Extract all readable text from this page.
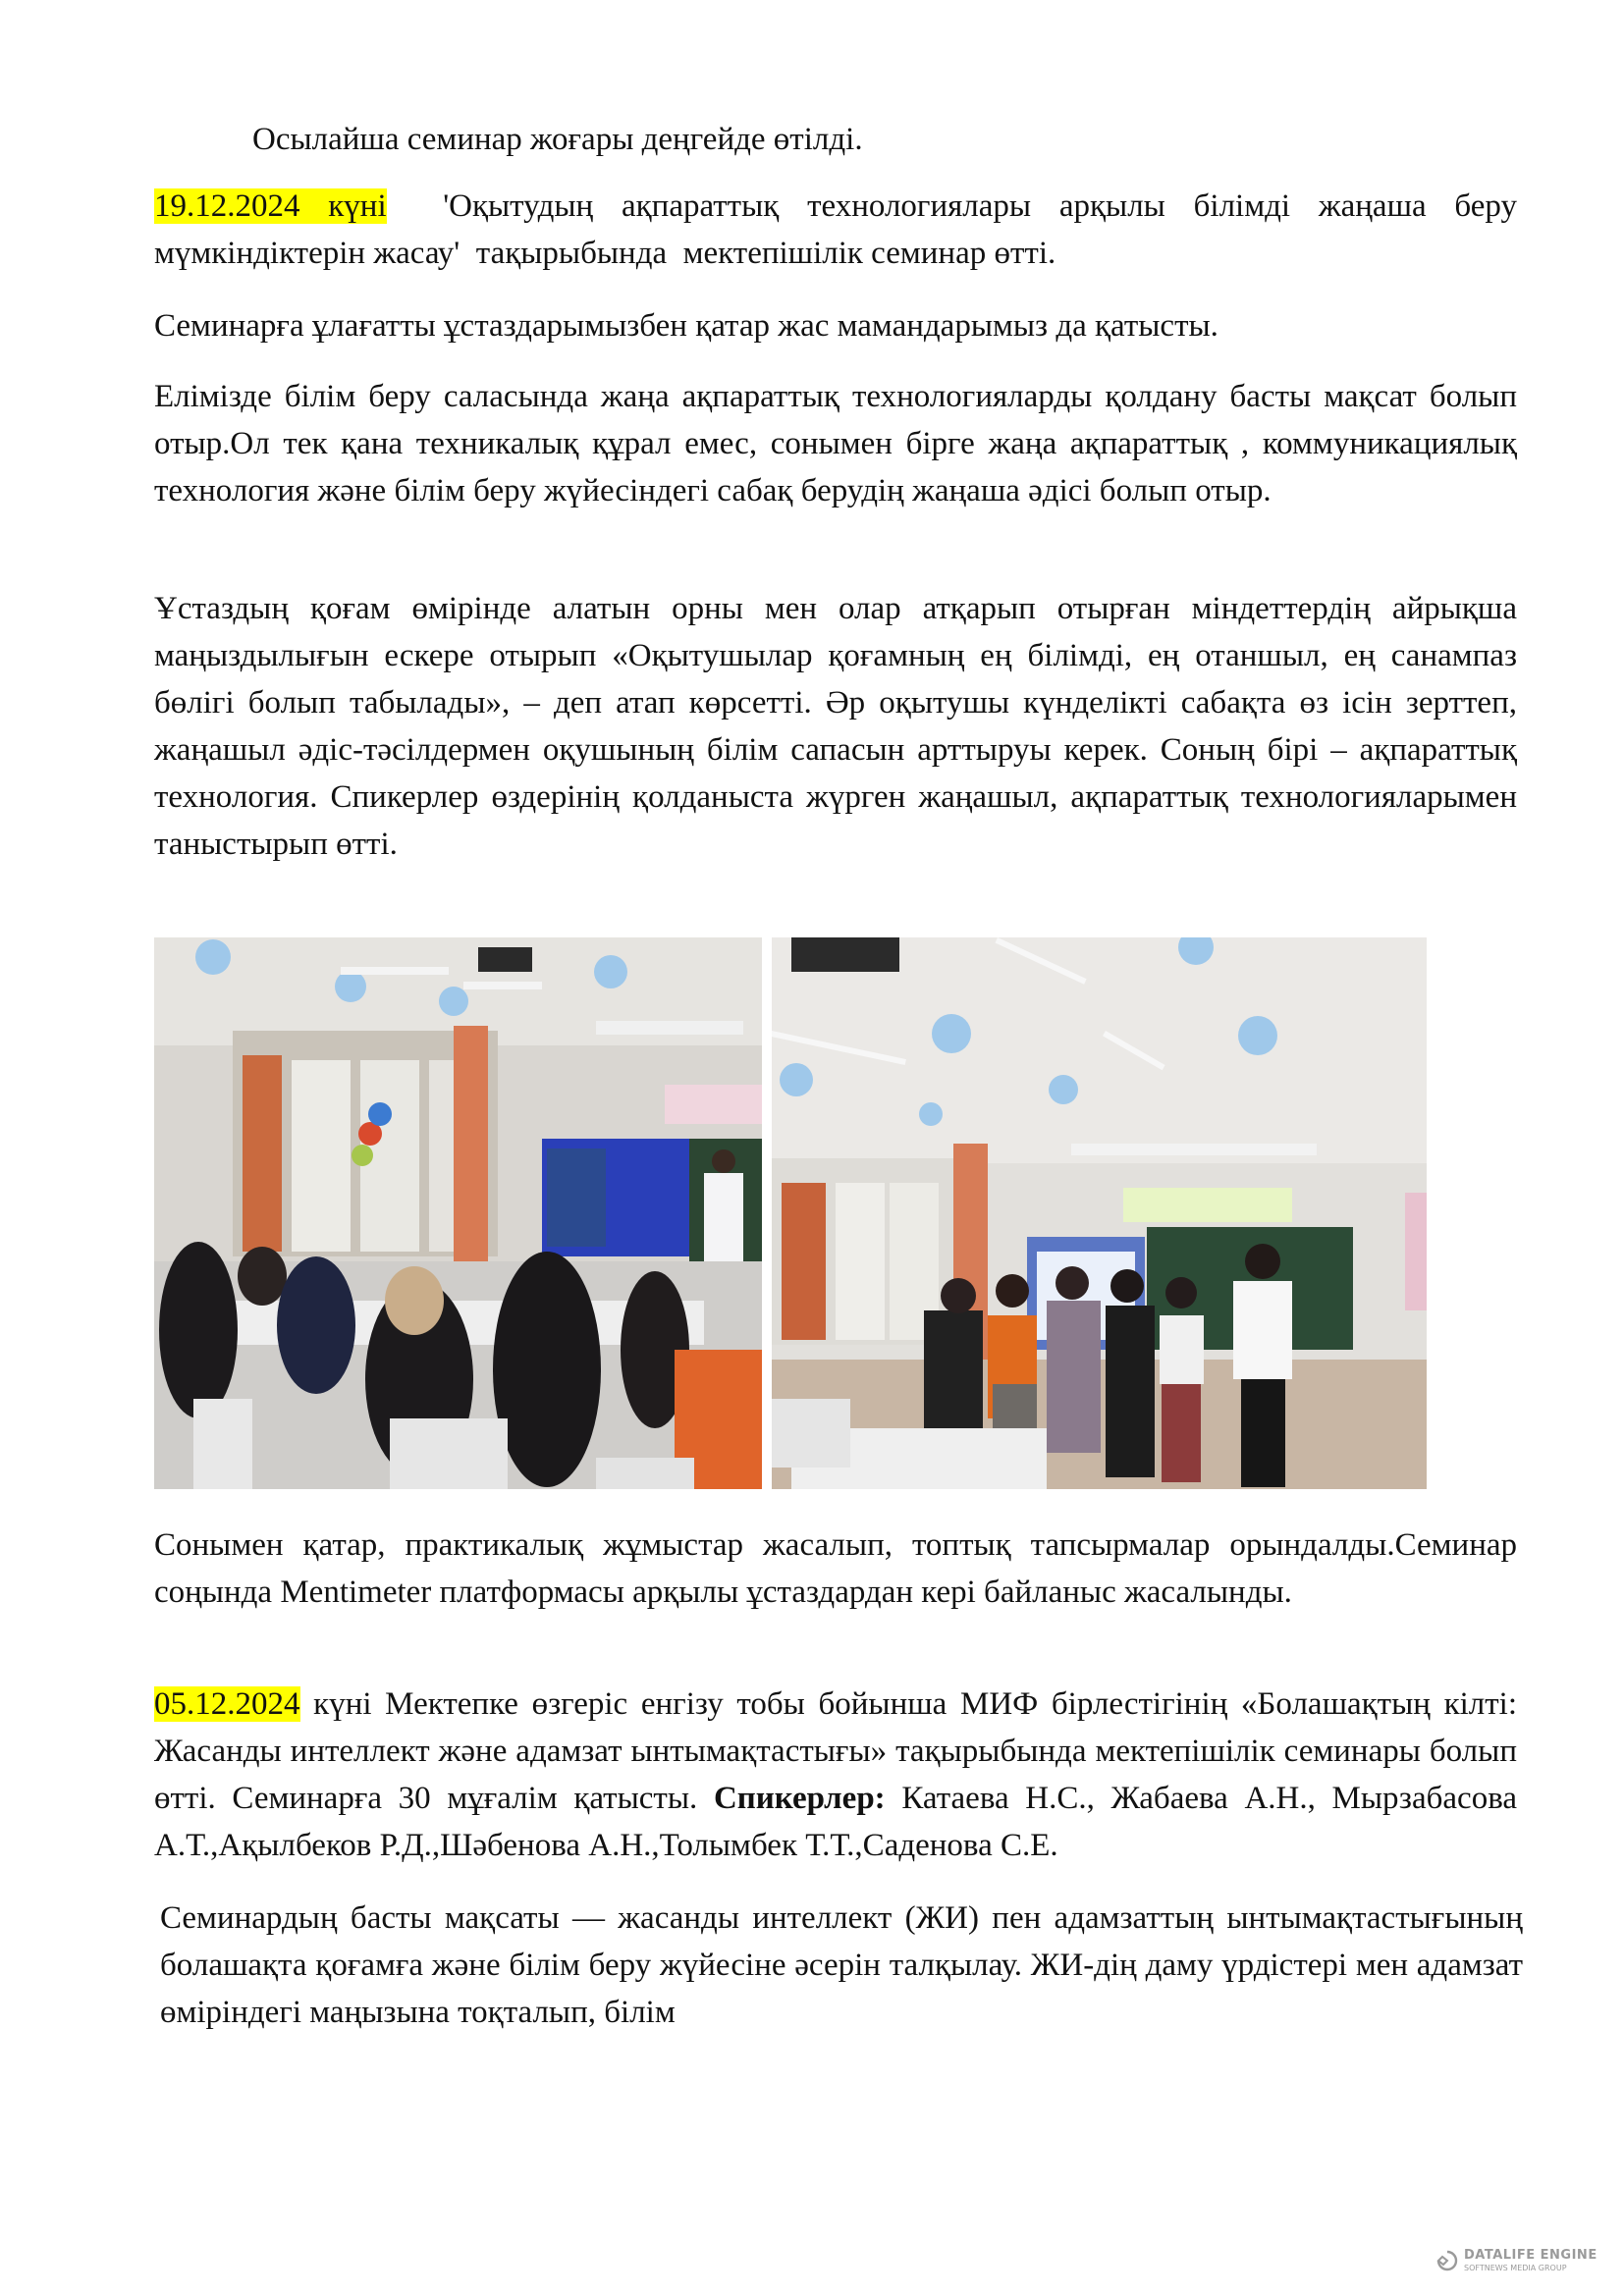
Осылайша семинар жоғары деңгейде өтілді.

19.12.2024 күні  'Оқытудың ақпараттық технологиялары арқылы білімді жаңаша беру мүмкіндіктерін жасау'  тақырыбында  мектепішілік семинар өтті.

Семинарға ұлағатты ұстаздарымызбен қатар жас мамандарымыз да қатысты.

Елімізде білім беру саласында жаңа ақпараттық технологияларды қолдану басты мақсат болып отыр.Ол тек қана техникалық құрал емес, сонымен бірге жаңа ақпараттық , коммуникациялық технология және білім беру жүйесіндегі сабақ берудің жаңаша әдісі болып отыр.

Ұстаздың қоғам өмірінде алатын орны мен олар атқарып отырған міндеттердің айрықша маңыздылығын ескере отырып «Оқытушылар қоғамның ең білімді, ең отаншыл, ең санампаз бөлігі болып табылады», – деп атап көрсетті. Әр оқытушы күнделікті сабақта өз ісін зерттеп, жаңашыл әдіс-тәсілдермен оқушының білім сапасын арттыруы керек. Соның бірі – ақпараттық технология. Спикерлер өздерінің қолданыста жүрген жаңашыл, ақпараттық технологияларымен таныстырып өтті.

Сонымен қатар, практикалық жұмыстар жасалып, топтық тапсырмалар орындалды.Семинар соңында Mentimeter платформасы арқылы ұстаздардан кері байланыс жасалынды.

05.12.2024 күні Мектепке өзгеріс енгізу тобы бойынша МИФ бірлестігінің «Болашақтың кілті: Жасанды интеллект және адамзат ынтымақтастығы» тақырыбында мектепішілік семинары болып өтті. Семинарға 30 мұғалім қатысты. Спикерлер: Катаева Н.С., Жабаева А.Н., Мырзабасова А.Т.,Ақылбеков Р.Д.,Шәбенова А.Н.,Толымбек Т.Т.,Саденова С.Е.

Семинардың басты мақсаты — жасанды интеллект (ЖИ) пен адамзаттың ынтымақтастығының болашақта қоғамға және білім беру жүйесіне әсерін талқылау. ЖИ-дің даму үрдістері мен адамзат өміріндегі маңызына тоқталып, білім

DATALIFE ENGINE
SOFTNEWS MEDIA GROUP
